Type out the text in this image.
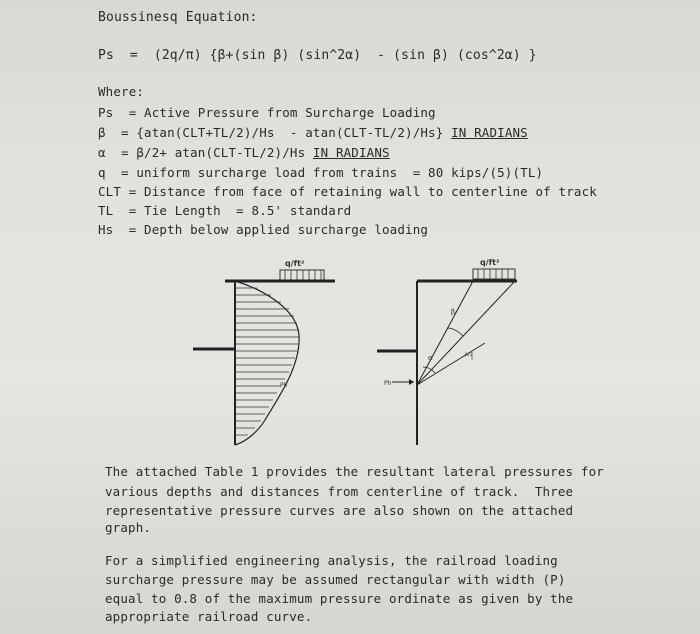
Boussinesq Equation:
Ps  =  (2q/π) {β+(sin β) (sin^2α)  - (sin β) (cos^2α) }
Where:
Ps  = Active Pressure from Surcharge Loading
β  = {atan(CLT+TL/2)/Hs  - atan(CLT-TL/2)/Hs} IN RADIANS
α  = β/2+ atan(CLT-TL/2)/Hs IN RADIANS
q  = uniform surcharge load from trains  = 80 kips/(5)(TL)
CLT = Distance from face of retaining wall to centerline of track
TL  = Tie Length  = 8.5' standard
Hs  = Depth below applied surcharge loading
q/ft²
Ph
q/ft²
β
α	β/2
Ph
The attached Table 1 provides the resultant lateral pressures for
various depths and distances from centerline of track.  Three
representative pressure curves are also shown on the attached
graph.
For a simplified engineering analysis, the railroad loading
surcharge pressure may be assumed rectangular with width (P)
equal to 0.8 of the maximum pressure ordinate as given by the
appropriate railroad curve.
